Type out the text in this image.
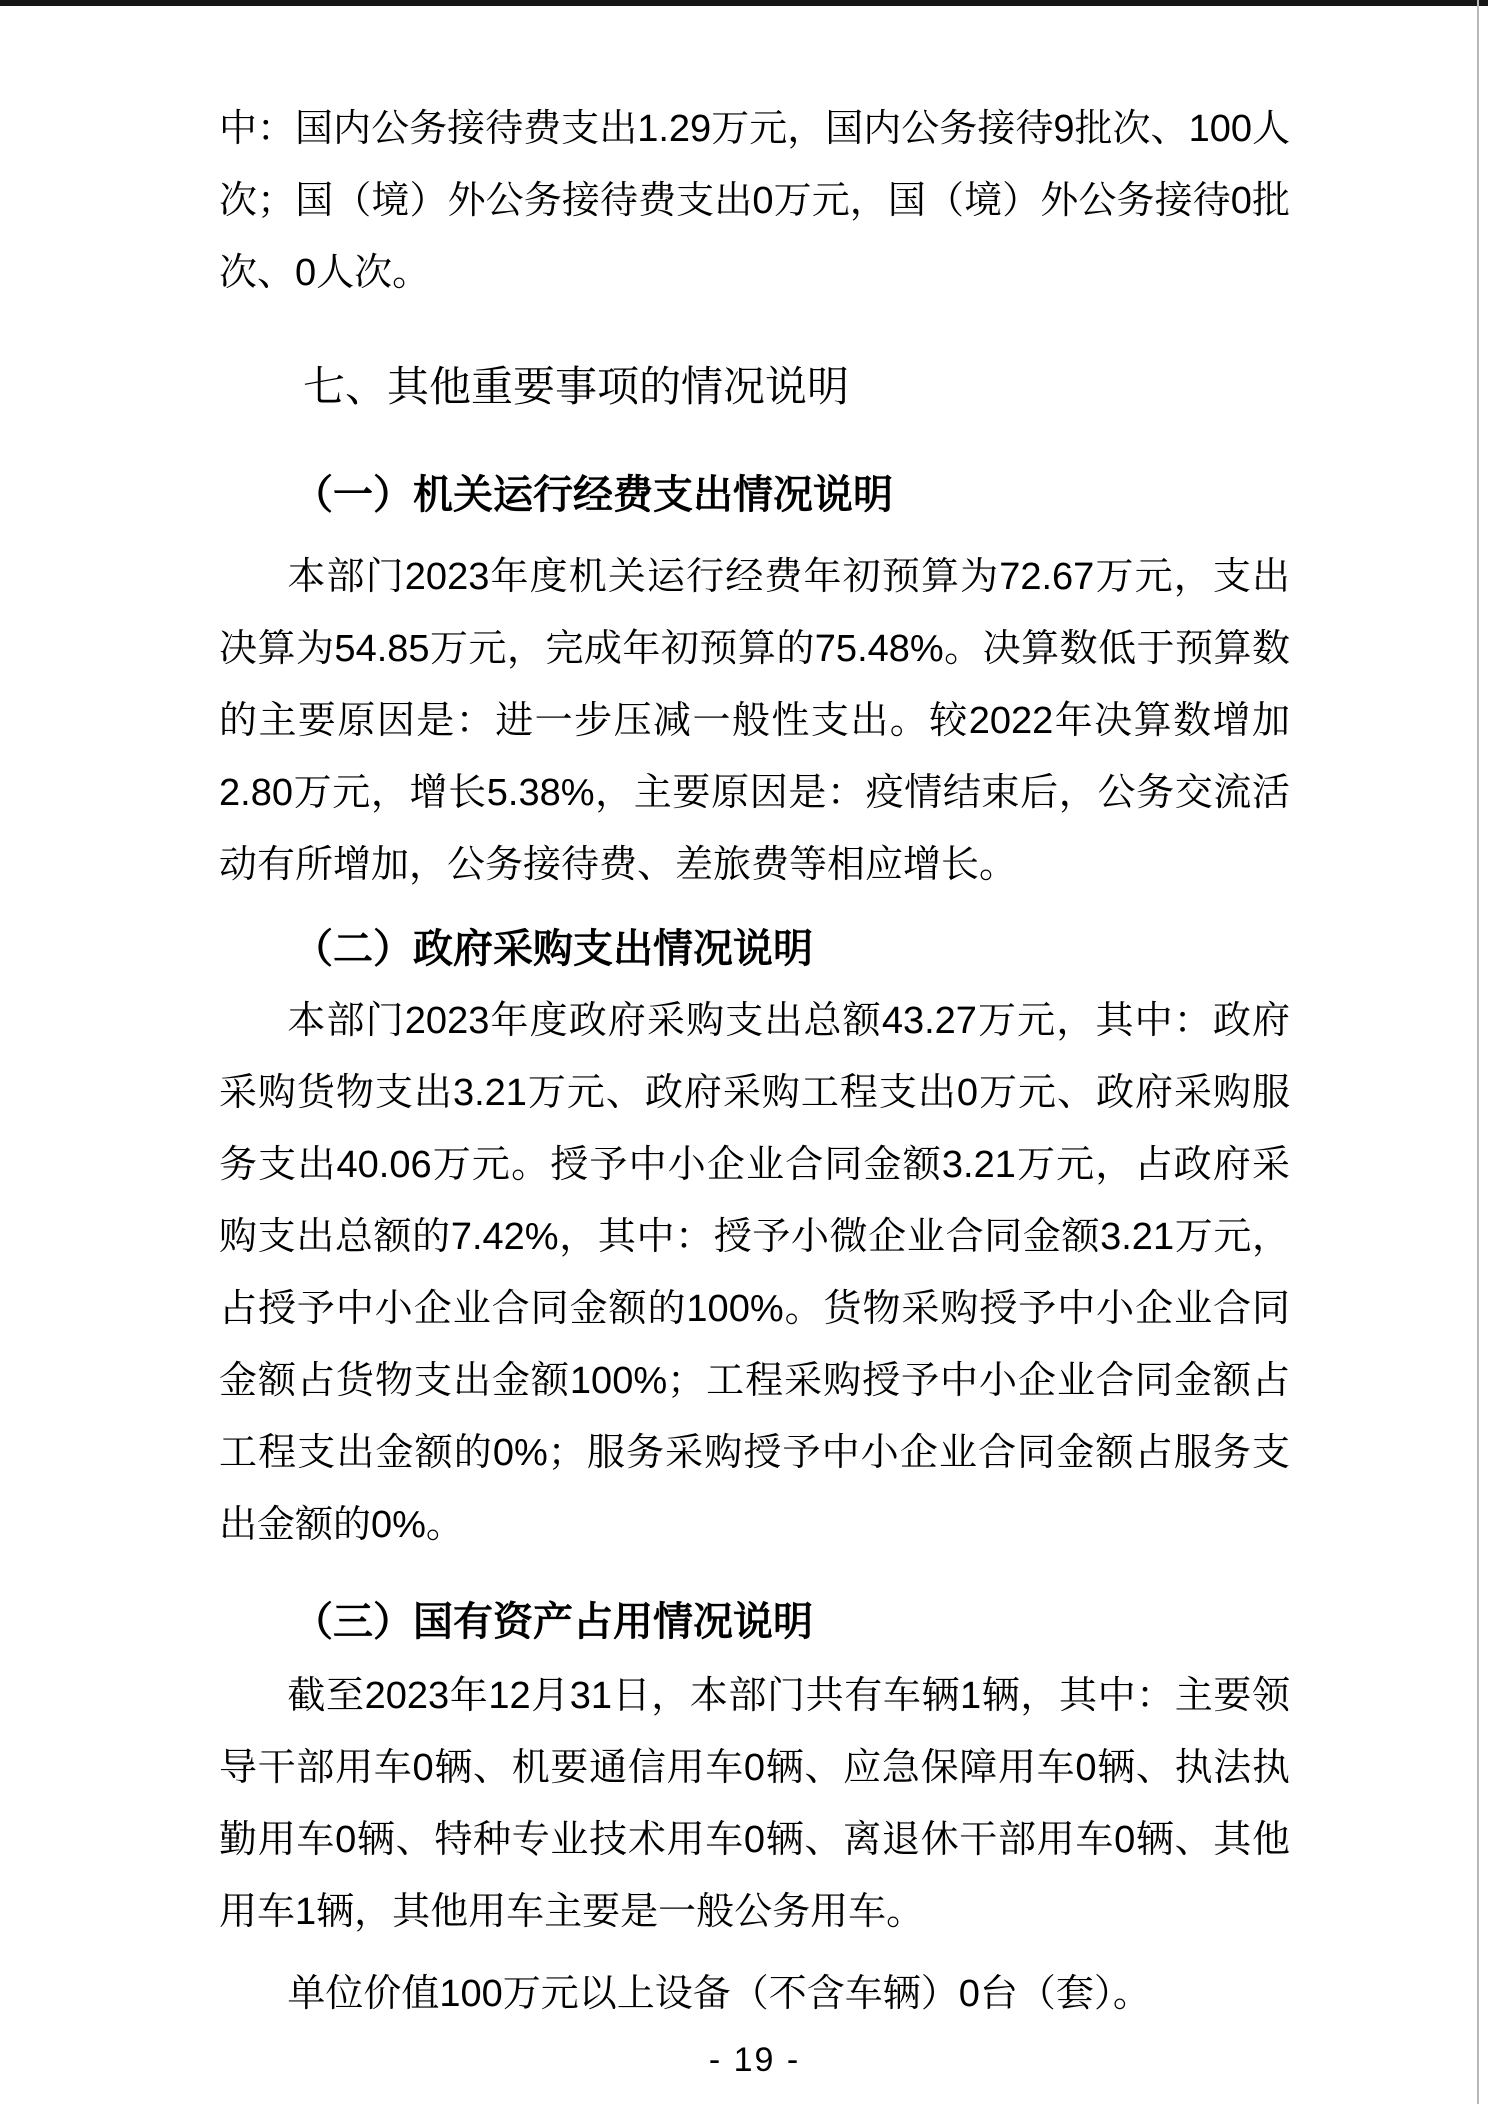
中：国内公务接待费支出1.29万元，国内公务接待9批次、100人次；国（境）外公务接待费支出0万元，国（境）外公务接待0批次、0人次。

七、其他重要事项的情况说明
（一）机关运行经费支出情况说明

本部门2023年度机关运行经费年初预算为72.67万元，支出决算为54.85万元，完成年初预算的75.48%。决算数低于预算数的主要原因是：进一步压减一般性支出。较2022年决算数增加2.80万元，增长5.38%，主要原因是：疫情结束后，公务交流活动有所增加，公务接待费、差旅费等相应增长。

（二）政府采购支出情况说明

本部门2023年度政府采购支出总额43.27万元，其中：政府采购货物支出3.21万元、政府采购工程支出0万元、政府采购服务支出40.06万元。授予中小企业合同金额3.21万元，占政府采购支出总额的7.42%，其中：授予小微企业合同金额3.21万元，占授予中小企业合同金额的100%。货物采购授予中小企业合同金额占货物支出金额100%；工程采购授予中小企业合同金额占工程支出金额的0%；服务采购授予中小企业合同金额占服务支出金额的0%。

（三）国有资产占用情况说明

截至2023年12月31日，本部门共有车辆1辆，其中：主要领导干部用车0辆、机要通信用车0辆、应急保障用车0辆、执法执勤用车0辆、特种专业技术用车0辆、离退休干部用车0辆、其他用车1辆，其他用车主要是一般公务用车。

单位价值100万元以上设备（不含车辆）0台（套）。

- 19 -
